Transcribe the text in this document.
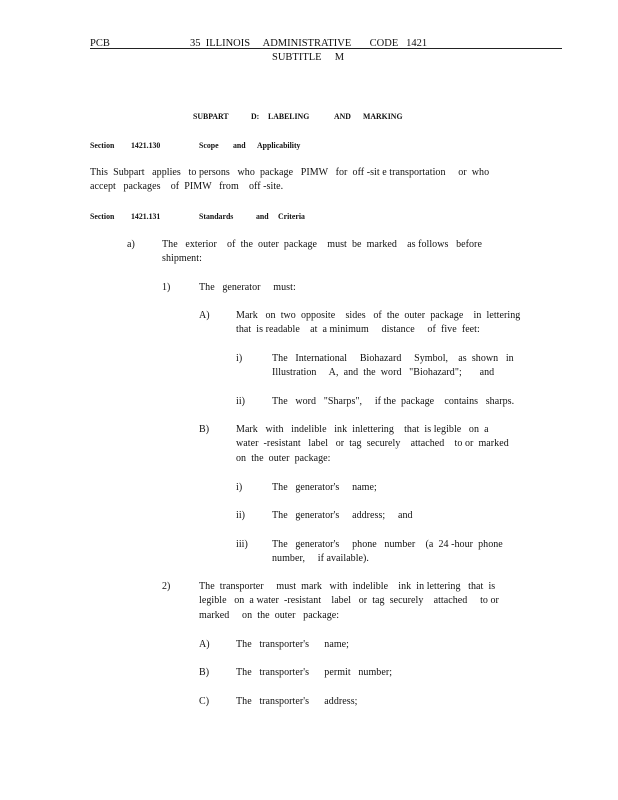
PCB	35  ILLINOIS     ADMINISTRATIVE       CODE   1421
SUBTITLE     M
SUBPART	D: LABELING	AND MARKING
Section 1421.130	Scope and Applicability
This  Subpart   applies   to persons   who  package   PIMW   for  off -sit e transportation     or  who
accept   packages    of  PIMW   from    off -site.
Section 1421.131	Standards	and Criteria
a)	The   exterior    of  the  outer  package    must  be  marked    as follows   before
shipment:
1)	The   generator     must:
A)	Mark   on  two  opposite    sides   of  the  outer  package    in  lettering
that  is readable    at  a minimum     distance     of  five  feet:
i)	The   International     Biohazard     Symbol,    as  shown   in
Illustration     A,  and  the  word   "Biohazard";       and
ii)	The   word   "Sharps",     if the  package    contains   sharps.
B)	Mark   with   indelible   ink  inlettering    that  is legible   on  a
water  -resistant   label   or  tag  securely    attached    to or  marked
on  the  outer  package:
i)	The   generator's     name;
ii)	The   generator's     address;     and
iii) The   generator's     phone   number    (a  24 -hour  phone
number,     if available).
2)	The  transporter     must  mark   with  indelible    ink  in lettering   that  is
legible   on  a water  -resistant    label   or  tag  securely    attached     to or
marked     on  the  outer   package:
A)	The   transporter's      name;
B)	The   transporter's      permit   number;
C)	The   transporter's      address;
